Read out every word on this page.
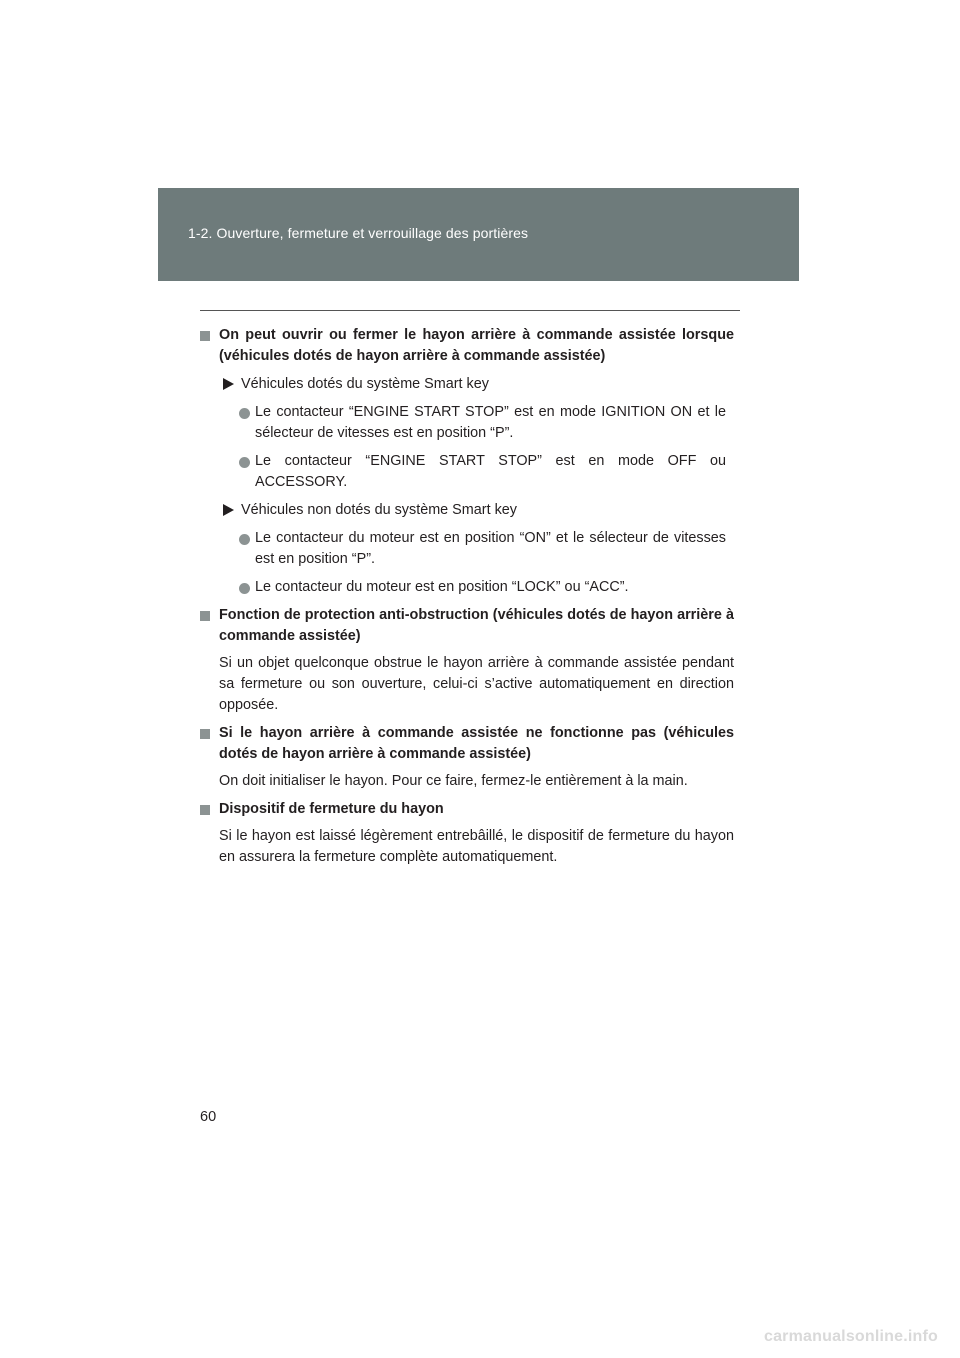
1-2. Ouverture, fermeture et verrouillage des portières
On peut ouvrir ou fermer le hayon arrière à commande assistée lorsque (véhicules dotés de hayon arrière à commande assistée)
Véhicules dotés du système Smart key
Le contacteur “ENGINE START STOP” est en mode IGNITION ON et le sélecteur de vitesses est en position “P”.
Le contacteur “ENGINE START STOP” est en mode OFF ou ACCESSORY.
Véhicules non dotés du système Smart key
Le contacteur du moteur est en position “ON” et le sélecteur de vitesses est en position “P”.
Le contacteur du moteur est en position “LOCK” ou “ACC”.
Fonction de protection anti-obstruction (véhicules dotés de hayon arrière à commande assistée)
Si un objet quelconque obstrue le hayon arrière à commande assistée pendant sa fermeture ou son ouverture, celui-ci s’active automatiquement en direction opposée.
Si le hayon arrière à commande assistée ne fonctionne pas (véhicules dotés de hayon arrière à commande assistée)
On doit initialiser le hayon. Pour ce faire, fermez-le entièrement à la main.
Dispositif de fermeture du hayon
Si le hayon est laissé légèrement entrebâillé, le dispositif de fermeture du hayon en assurera la fermeture complète automatiquement.
60
carmanualsonline.info
